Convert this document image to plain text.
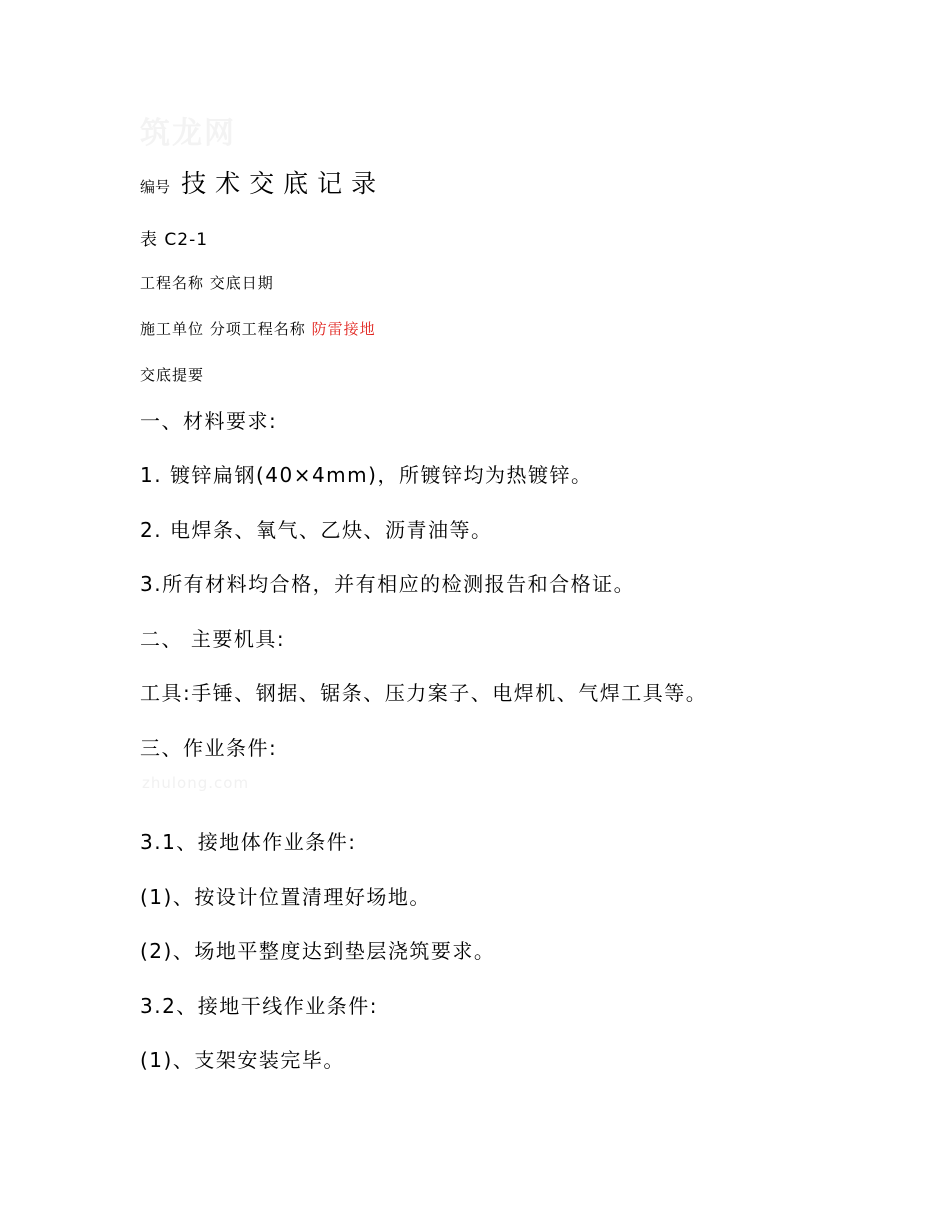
筑龙网
编号 技术交底记录
表 C2-1
工程名称 交底日期
施工单位 分项工程名称 防雷接地
交底提要
一、材料要求:
1. 镀锌扁钢(40×4mm)，所镀锌均为热镀锌。
2. 电焊条、氧气、乙炔、沥青油等。
3.所有材料均合格，并有相应的检测报告和合格证。
二、 主要机具:
工具:手锤、钢据、锯条、压力案子、电焊机、气焊工具等。
三、作业条件:
zhulong.com
3.1、接地体作业条件:
(1)、按设计位置清理好场地。
(2)、场地平整度达到垫层浇筑要求。
3.2、接地干线作业条件:
(1)、支架安装完毕。
